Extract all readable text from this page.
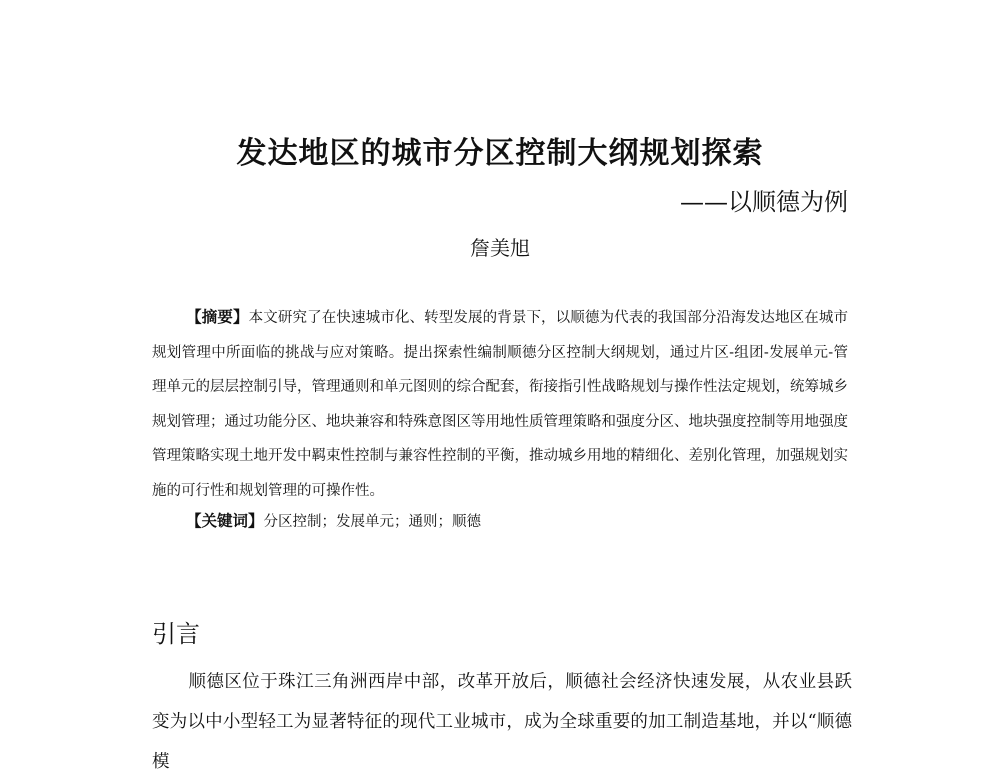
发达地区的城市分区控制大纲规划探索

——以顺德为例

詹美旭

【摘要】本文研究了在快速城市化、转型发展的背景下，以顺德为代表的我国部分沿海发达地区在城市规划管理中所面临的挑战与应对策略。提出探索性编制顺德分区控制大纲规划，通过片区-组团-发展单元-管理单元的层层控制引导，管理通则和单元图则的综合配套，衔接指引性战略规划与操作性法定规划，统筹城乡规划管理；通过功能分区、地块兼容和特殊意图区等用地性质管理策略和强度分区、地块强度控制等用地强度管理策略实现土地开发中羁束性控制与兼容性控制的平衡，推动城乡用地的精细化、差别化管理，加强规划实施的可行性和规划管理的可操作性。

【关键词】分区控制；发展单元；通则；顺德

引言

顺德区位于珠江三角洲西岸中部，改革开放后，顺德社会经济快速发展，从农业县跃变为以中小型轻工为显著特征的现代工业城市，成为全球重要的加工制造基地，并以“顺德模
